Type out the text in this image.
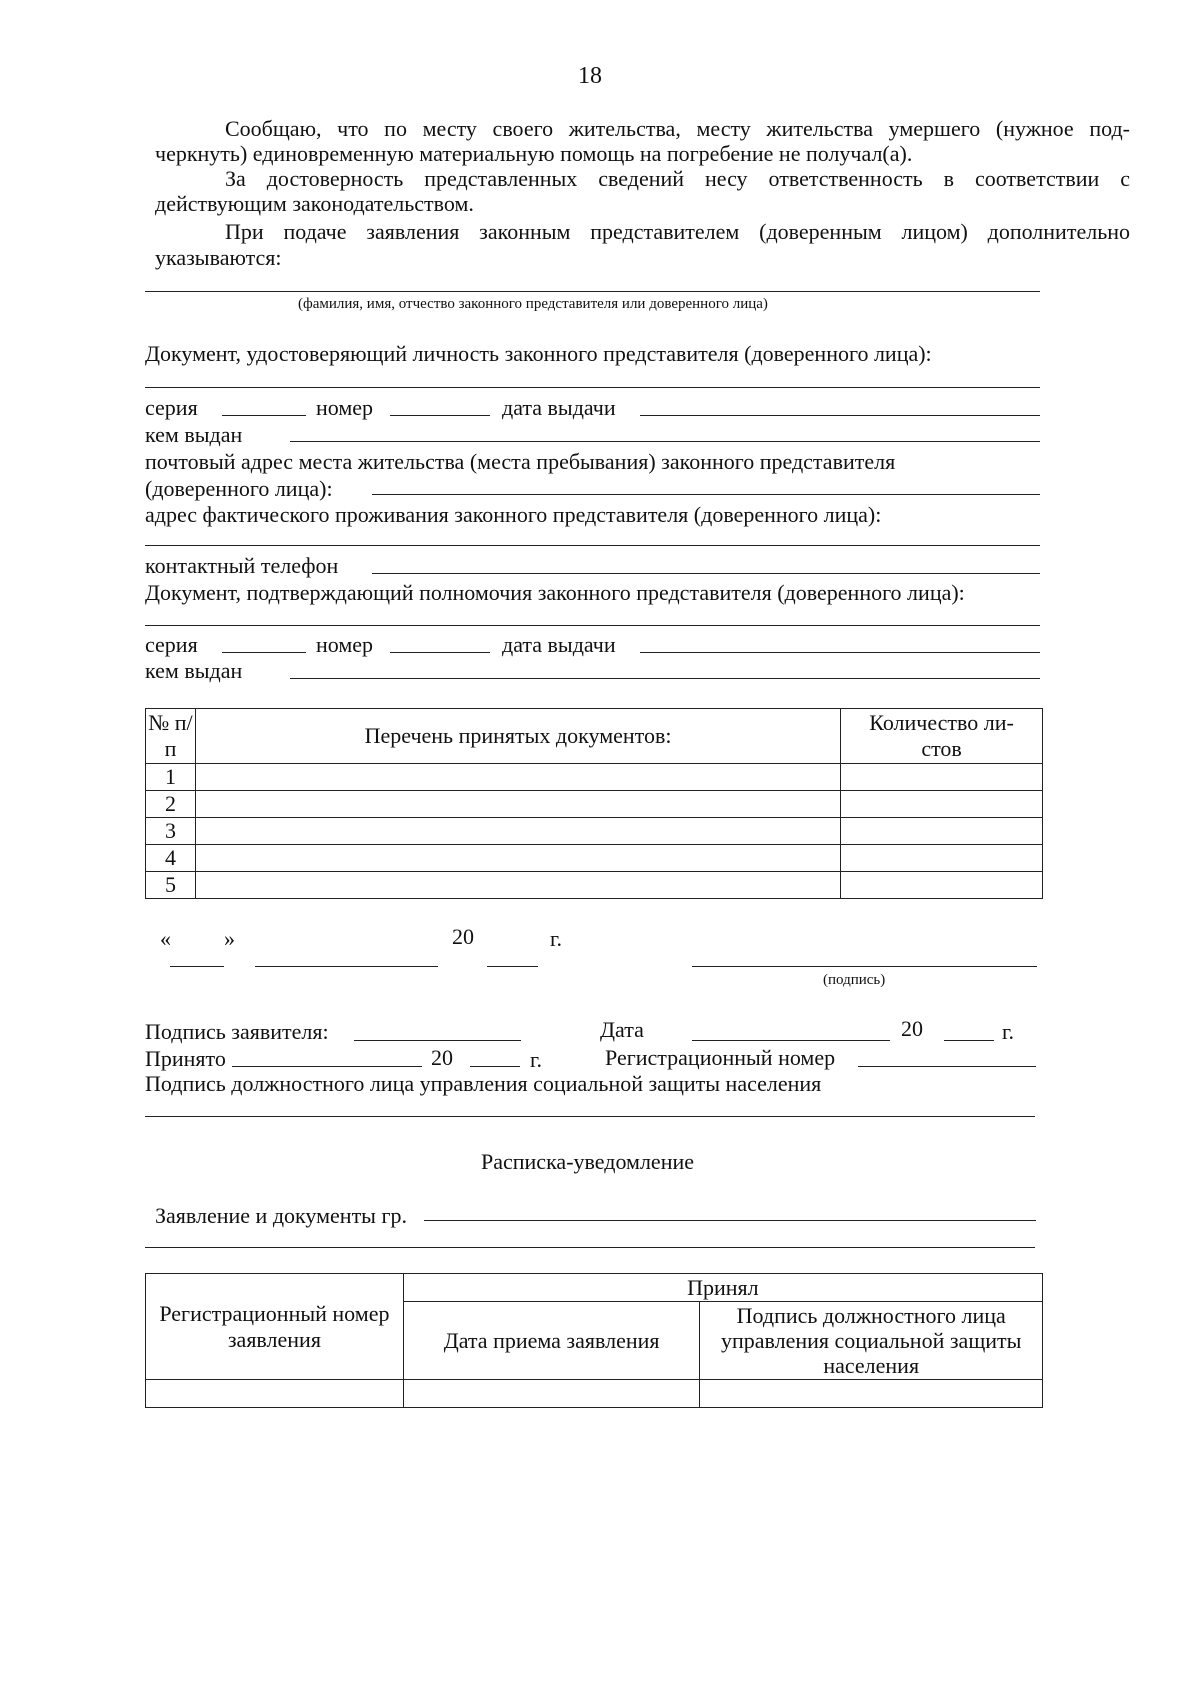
18
Сообщаю, что по месту своего жительства, месту жительства умершего (нужное под-
черкнуть) единовременную материальную помощь на погребение не получал(а).
За достоверность представленных сведений несу ответственность в соответствии с
действующим законодательством.
При подаче заявления законным представителем (доверенным лицом) дополнительно
указываются:
(фамилия, имя, отчество законного представителя или доверенного лица)
Документ, удостоверяющий личность законного представителя (доверенного лица):
серия	номер	дата выдачи
кем выдан
почтовый адрес места жительства (места пребывания) законного представителя
(доверенного лица):
адрес фактического проживания законного представителя (доверенного лица):
контактный телефон
Документ, подтверждающий полномочия законного представителя (доверенного лица):
серия	номер	дата выдачи
кем выдан
№ п/п	Перечень принятых документов:	Количество ли-
стов
1		
2		
3		
4		
5		
« »	20	г.
(подпись)
Подпись заявителя:	Дата	20	г.
Принято	20	г.	Регистрационный номер
Подпись должностного лица управления социальной защиты населения
Расписка-уведомление
Заявление и документы гр.
Регистрационный номер
заявления	Принял	
	Дата приема заявления	Подпись должностного лица
управления социальной защиты
населения
